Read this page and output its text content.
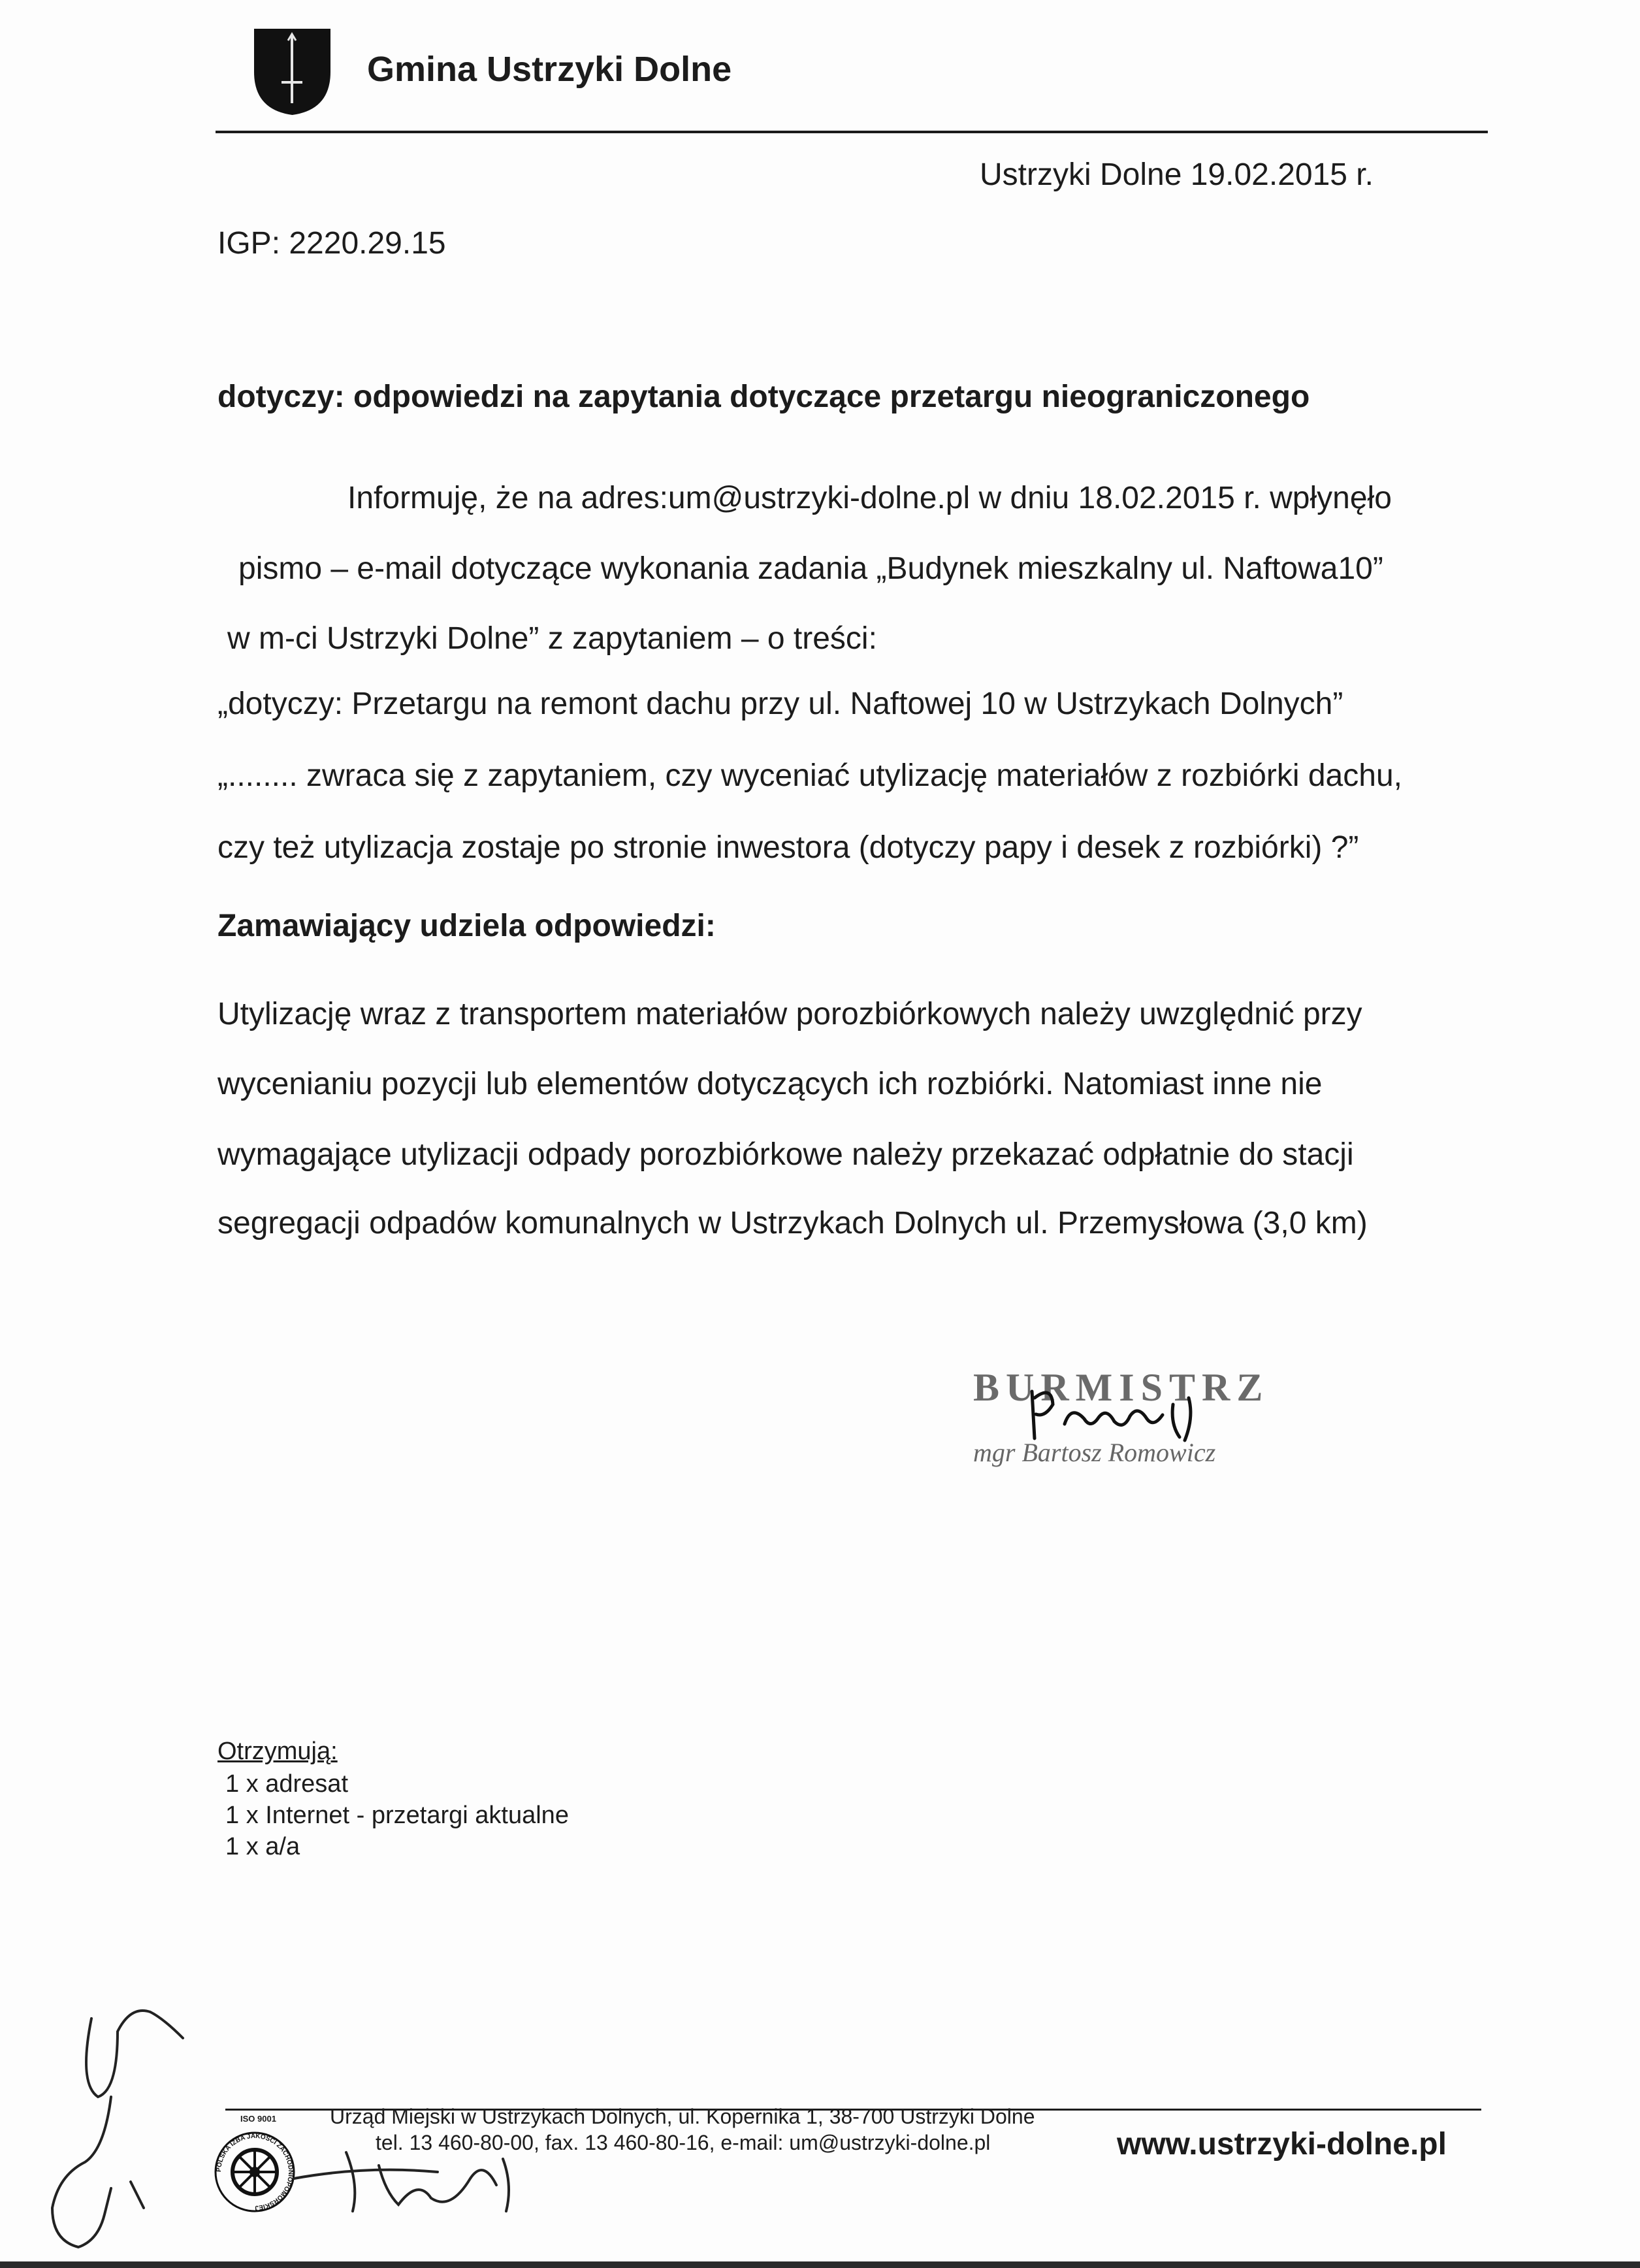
Gmina Ustrzyki Dolne
Ustrzyki Dolne 19.02.2015 r.
IGP: 2220.29.15
dotyczy: odpowiedzi na zapytania dotyczące przetargu nieograniczonego
Informuję, że na adres:um@ustrzyki-dolne.pl w dniu 18.02.2015 r. wpłynęło
pismo – e-mail dotyczące wykonania zadania „Budynek mieszkalny ul. Naftowa10”
w m-ci Ustrzyki Dolne” z zapytaniem – o treści:
„dotyczy: Przetargu na remont dachu przy ul. Naftowej 10 w Ustrzykach Dolnych”
„........ zwraca się z zapytaniem, czy wyceniać utylizację materiałów z rozbiórki dachu,
czy też utylizacja zostaje po stronie inwestora (dotyczy papy i desek z rozbiórki) ?”
Zamawiający udziela odpowiedzi:
Utylizację wraz z transportem materiałów porozbiórkowych należy uwzględnić przy
wycenianiu pozycji lub elementów dotyczących ich rozbiórki. Natomiast inne nie
wymagające utylizacji odpady porozbiórkowe należy przekazać odpłatnie do stacji
segregacji odpadów komunalnych w Ustrzykach Dolnych ul. Przemysłowa (3,0 km)
BURMISTRZ
mgr Bartosz Romowicz
Otrzymują:
1 x adresat
1 x Internet - przetargi aktualne
1 x a/a
ISO 9001
POLSKA IZBA JAKOŚCI ZACHODNIOPOMORSKIEJ
Urząd Miejski w Ustrzykach Dolnych, ul. Kopernika 1, 38-700 Ustrzyki Dolne
tel. 13 460-80-00, fax. 13 460-80-16, e-mail: um@ustrzyki-dolne.pl	www.ustrzyki-dolne.pl
